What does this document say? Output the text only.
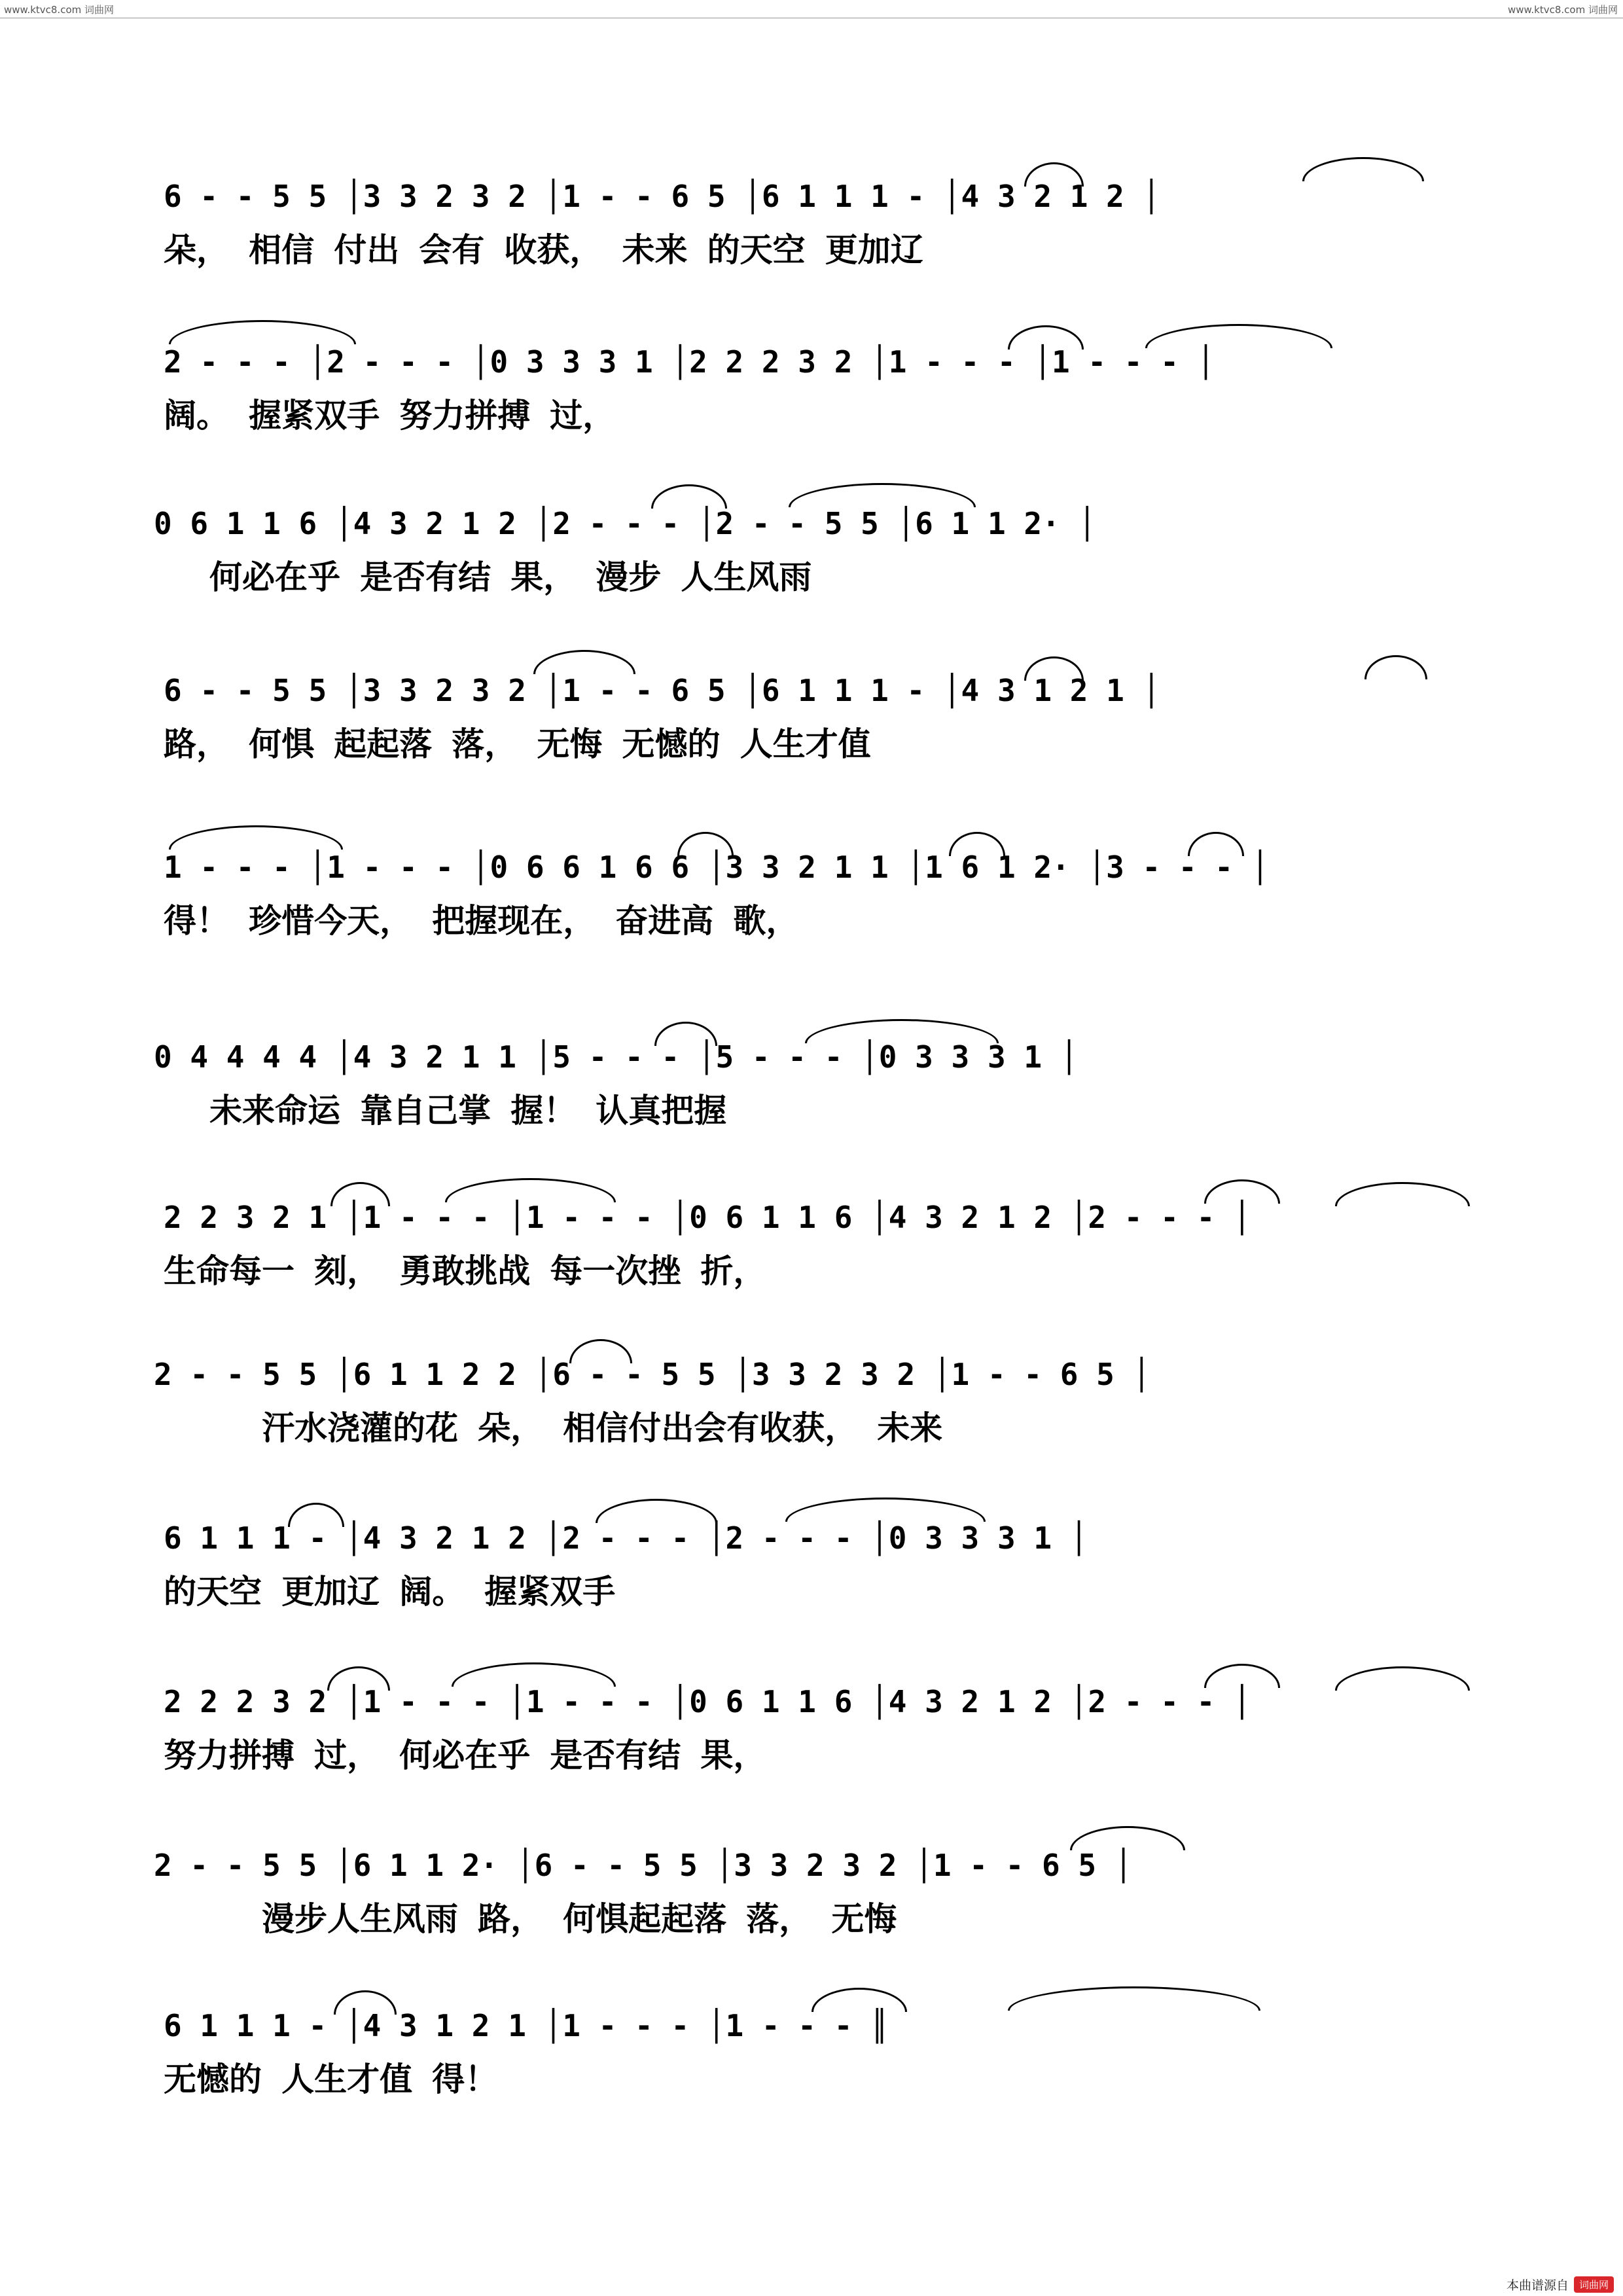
www.ktvc8.com 词曲网	www.ktvc8.com 词曲网
6 - - 5 5 │3 3 2 3 2 │1 - - 6 5 │6 1 1 1 - │4 3 2 1 2 │
朵， 相信 付出 会有 收获， 未来 的天空 更加辽
2 - - - │2 - - - │0 3 3 3 1 │2 2 2 3 2 │1 - - - │1 - - - │
阔。 握紧双手 努力拼搏 过，
0 6 1 1 6 │4 3 2 1 2 │2 - - - │2 - - 5 5 │6 1 1 2· │
何必在乎 是否有结 果， 漫步 人生风雨
6 - - 5 5 │3 3 2 3 2 │1 - - 6 5 │6 1 1 1 - │4 3 1 2 1 │
路， 何惧 起起落 落， 无悔 无憾的 人生才值
1 - - - │1 - - - │0 6 6 1 6 6 │3 3 2 1 1 │1 6 1 2· │3 - - - │
得！ 珍惜今天， 把握现在， 奋进高 歌，
0 4 4 4 4 │4 3 2 1 1 │5 - - - │5 - - - │0 3 3 3 1 │
未来命运 靠自己掌 握！ 认真把握
2 2 3 2 1 │1 - - - │1 - - - │0 6 1 1 6 │4 3 2 1 2 │2 - - - │
生命每一 刻， 勇敢挑战 每一次挫 折，
2 - - 5 5 │6 1 1 2 2 │6 - - 5 5 │3 3 2 3 2 │1 - - 6 5 │
汗水浇灌的花 朵， 相信付出会有收获， 未来
6 1 1 1 - │4 3 2 1 2 │2 - - - │2 - - - │0 3 3 3 1 │
的天空 更加辽 阔。 握紧双手
2 2 2 3 2 │1 - - - │1 - - - │0 6 1 1 6 │4 3 2 1 2 │2 - - - │
努力拼搏 过， 何必在乎 是否有结 果，
2 - - 5 5 │6 1 1 2· │6 - - 5 5 │3 3 2 3 2 │1 - - 6 5 │
漫步人生风雨 路， 何惧起起落 落， 无悔
6 1 1 1 - │4 3 1 2 1 │1 - - - │1 - - - ║
无憾的 人生才值 得！
本曲谱源自	词曲网
